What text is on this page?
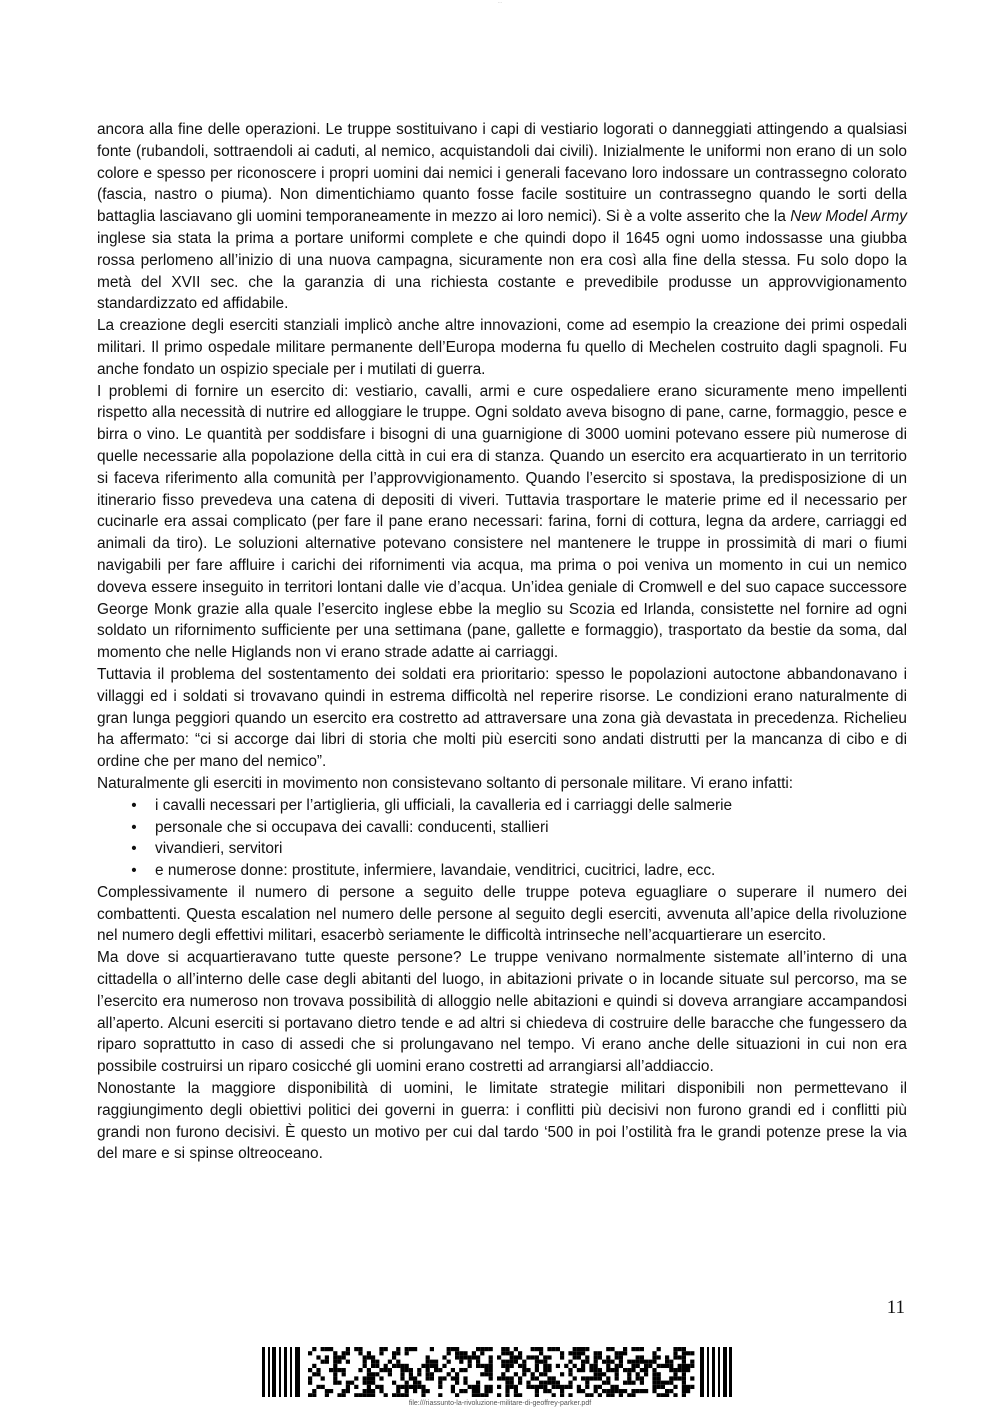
···

ancora alla fine delle operazioni. Le truppe sostituivano i capi di vestiario logorati o danneggiati attingendo a qualsiasi fonte (rubandoli, sottraendoli ai caduti, al nemico, acquistandoli dai civili). Inizialmente le uniformi non erano di un solo colore e spesso per riconoscere i propri uomini dai nemici i generali facevano loro indossare un contrassegno colorato (fascia, nastro o piuma). Non dimentichiamo quanto fosse facile sostituire un contrassegno quando le sorti della battaglia lasciavano gli uomini temporaneamente in mezzo ai loro nemici). Si è a volte asserito che la New Model Army inglese sia stata la prima a portare uniformi complete e che quindi dopo il 1645 ogni uomo indossasse una giubba rossa perlomeno all’inizio di una nuova campagna, sicuramente non era così alla fine della stessa. Fu solo dopo la metà del XVII sec. che la garanzia di una richiesta costante e prevedibile produsse un approvvigionamento standardizzato ed affidabile.

La creazione degli eserciti stanziali implicò anche altre innovazioni, come ad esempio la creazione dei primi ospedali militari. Il primo ospedale militare permanente dell’Europa moderna fu quello di Mechelen costruito dagli spagnoli. Fu anche fondato un ospizio speciale per i mutilati di guerra.

I problemi di fornire un esercito di: vestiario, cavalli, armi e cure ospedaliere erano sicuramente meno impellenti rispetto alla necessità di nutrire ed alloggiare le truppe. Ogni soldato aveva bisogno di pane, carne, formaggio, pesce e birra o vino. Le quantità per soddisfare i bisogni di una guarnigione di 3000 uomini potevano essere più numerose di quelle necessarie alla popolazione della città in cui era di stanza. Quando un esercito era acquartierato in un territorio si faceva riferimento alla comunità per l’approvvigionamento. Quando l’esercito si spostava, la predisposizione di un itinerario fisso prevedeva una catena di depositi di viveri. Tuttavia trasportare le materie prime ed il necessario per cucinarle era assai complicato (per fare il pane erano necessari: farina, forni di cottura, legna da ardere, carriaggi ed animali da tiro). Le soluzioni alternative potevano consistere nel mantenere le truppe in prossimità di mari o fiumi navigabili per fare affluire i carichi dei rifornimenti via acqua, ma prima o poi veniva un momento in cui un nemico doveva essere inseguito in territori lontani dalle vie d’acqua. Un’idea geniale di Cromwell e del suo capace successore George Monk grazie alla quale l’esercito inglese ebbe la meglio su Scozia ed Irlanda, consistette nel fornire ad ogni soldato un rifornimento sufficiente per una settimana (pane, gallette e formaggio), trasportato da bestie da soma, dal momento che nelle Higlands non vi erano strade adatte ai carriaggi.

Tuttavia il problema del sostentamento dei soldati era prioritario: spesso le popolazioni autoctone abbandonavano i villaggi ed i soldati si trovavano quindi in estrema difficoltà nel reperire risorse. Le condizioni erano naturalmente di gran lunga peggiori quando un esercito era costretto ad attraversare una zona già devastata in precedenza. Richelieu ha affermato: “ci si accorge dai libri di storia che molti più eserciti sono andati distrutti per la mancanza di cibo e di ordine che per mano del nemico”.

Naturalmente gli eserciti in movimento non consistevano soltanto di personale militare. Vi erano infatti:

• i cavalli necessari per l’artiglieria, gli ufficiali, la cavalleria ed i carriaggi delle salmerie
• personale che si occupava dei cavalli: conducenti, stallieri
• vivandieri, servitori
• e numerose donne: prostitute, infermiere, lavandaie, venditrici, cucitrici, ladre, ecc.

Complessivamente il numero di persone a seguito delle truppe poteva eguagliare o superare il numero dei combattenti. Questa escalation nel numero delle persone al seguito degli eserciti, avvenuta all’apice della rivoluzione nel numero degli effettivi militari, esacerbò seriamente le difficoltà intrinseche nell’acquartierare un esercito.

Ma dove si acquartieravano tutte queste persone? Le truppe venivano normalmente sistemate all’interno di una cittadella o all’interno delle case degli abitanti del luogo, in abitazioni private o in locande situate sul percorso, ma se l’esercito era numeroso non trovava possibilità di alloggio nelle abitazioni e quindi si doveva arrangiare accampandosi all’aperto. Alcuni eserciti si portavano dietro tende e ad altri si chiedeva di costruire delle baracche che fungessero da riparo soprattutto in caso di assedi che si prolungavano nel tempo. Vi erano anche delle situazioni in cui non era possibile costruirsi un riparo cosicché gli uomini erano costretti ad arrangiarsi all’addiaccio.

Nonostante la maggiore disponibilità di uomini, le limitate strategie militari disponibili non permettevano il raggiungimento degli obiettivi politici dei governi in guerra: i conflitti più decisivi non furono grandi ed i conflitti più grandi non furono decisivi. È questo un motivo per cui dal tardo ‘500 in poi l’ostilità fra le grandi potenze prese la via del mare e si spinse oltreoceano.

11
file:///riassunto-la-rivoluzione-militare-di-geoffrey-parker.pdf
